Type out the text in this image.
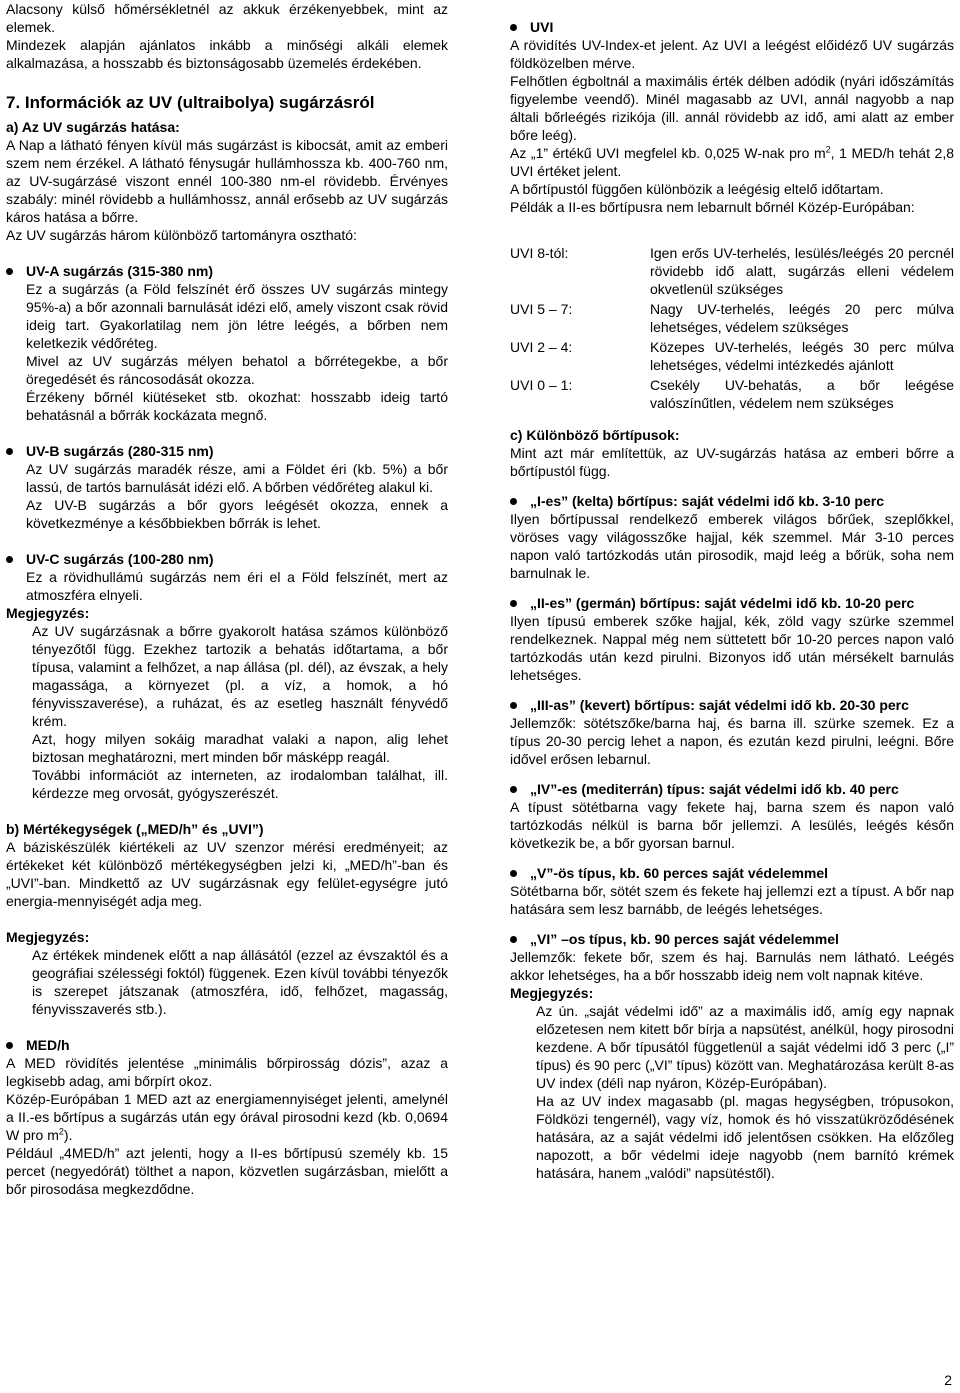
Alacsony külső hőmérsékletnél az akkuk érzékenyebbek, mint az elemek.

Mindezek alapján ajánlatos inkább a minőségi alkáli elemek alkalmazása, a hosszabb és biztonságosabb üzemelés érdekében.

7. Információk az UV (ultraibolya) sugárzásról

a) Az UV sugárzás hatása:

A Nap a látható fényen kívül más sugárzást is kibocsát, amit az emberi szem nem érzékel. A látható fénysugár hullámhossza kb. 400-760 nm, az UV-sugárzásé viszont ennél 100-380 nm-el rövidebb. Érvényes szabály: minél rövidebb a hullámhossz, annál erősebb az UV sugárzás káros hatása a bőrre.

Az UV sugárzás három különböző tartományra osztható:

UV-A sugárzás (315-380 nm)

Ez a sugárzás (a Föld felszínét érő összes UV sugárzás mintegy 95%-a) a bőr azonnali barnulását idézi elő, amely viszont csak rövid ideig tart. Gyakorlatilag nem jön létre leégés, a bőrben nem keletkezik védőréteg.

Mivel az UV sugárzás mélyen behatol a bőrrétegekbe, a bőr öregedését és ráncosodását okozza.

Érzékeny bőrnél kiütéseket stb. okozhat: hosszabb ideig tartó behatásnál a bőrrák kockázata megnő.

UV-B sugárzás (280-315 nm)

Az UV sugárzás maradék része, ami a Földet éri (kb. 5%) a bőr lassú, de tartós barnulását idézi elő. A bőrben védőréteg alakul ki.

Az UV-B sugárzás a bőr gyors leégését okozza, ennek a következménye a későbbiekben bőrrák is lehet.

UV-C sugárzás (100-280 nm)

Ez a rövidhullámú sugárzás nem éri el a Föld felszínét, mert az atmoszféra elnyeli.

Megjegyzés:

Az UV sugárzásnak a bőrre gyakorolt hatása számos különböző tényezőtől függ. Ezekhez tartozik a behatás időtartama, a bőr típusa, valamint a felhőzet, a nap állása (pl. dél), az évszak, a hely magassága, a környezet (pl. a víz, a homok, a hó fényvisszaverése), a ruházat, és az esetleg használt fényvédő krém.

Azt, hogy milyen sokáig maradhat valaki a napon, alig lehet biztosan meghatározni, mert minden bőr másképp reagál.

További információt az interneten, az irodalomban találhat, ill. kérdezze meg orvosát, gyógyszerészét.

b) Mértékegységek („MED/h” és „UVI”)

A báziskészülék kiértékeli az UV szenzor mérési eredményeit; az értékeket két különböző mértékegységben jelzi ki, „MED/h”-ban és „UVI”-ban. Mindkettő az UV sugárzásnak egy felület-egységre jutó energia-mennyiségét adja meg.

Megjegyzés:

Az értékek mindenek előtt a nap állásától (ezzel az évszaktól és a geográfiai szélességi foktól) függenek. Ezen kívül további tényezők is szerepet játszanak (atmoszféra, idő, felhőzet, magasság, fényvisszaverés stb.).

MED/h

A MED rövidítés jelentése „minimális bőrpirosság dózis”, azaz a legkisebb adag, ami bőrpírt okoz.

Közép-Európában 1 MED azt az energiamennyiséget jelenti, amelynél a II.-es bőrtípus a sugárzás után egy órával pirosodni kezd (kb. 0,0694 W pro $m^2$).

Például „4MED/h” azt jelenti, hogy a II-es bőrtípusú személy kb. 15 percet (negyedórát) tölthet a napon, közvetlen sugárzásban, mielőtt a bőr pirosodása megkezdődne.

UVI

A rövidítés UV-Index-et jelent. Az UVI a leégést előidéző UV sugárzás földközelben mérve.

Felhőtlen égboltnál a maximális érték délben adódik (nyári időszámítás figyelembe veendő). Minél magasabb az UVI, annál nagyobb a nap általi bőrleégés rizikója (ill. annál rövidebb az idő, ami alatt az ember bőre leég).

Az „1” értékű UVI megfelel kb. 0,025 W-nak pro $m^2$, 1 MED/h tehát 2,8 UVI értéket jelent.

A bőrtípustól függően különbözik a leégésig eltelő időtartam.

Példák a II-es bőrtípusra nem lebarnult bőrnél Közép-Európában:

UVI 8-tól:	Igen erős UV-terhelés, lesülés/leégés 20 percnél rövidebb idő alatt, sugárzás elleni védelem okvetlenül szükséges
UVI 5 – 7:	Nagy UV-terhelés, leégés 20 perc múlva lehetséges, védelem szükséges
UVI 2 – 4:	Közepes UV-terhelés, leégés 30 perc múlva lehetséges, védelmi intézkedés ajánlott
UVI 0 – 1:	Csekély UV-behatás, a bőr leégése valószínűtlen, védelem nem szükséges

c) Különböző bőrtípusok:

Mint azt már említettük, az UV-sugárzás hatása az emberi bőrre a bőrtípustól függ.

„I-es” (kelta) bőrtípus: saját védelmi idő kb. 3-10 perc

Ilyen bőrtípussal rendelkező emberek világos bőrűek, szeplőkkel, vöröses vagy világosszőke hajjal, kék szemmel. Már 3-10 perces napon való tartózkodás után pirosodik, majd leég a bőrük, soha nem barnulnak le.

„II-es” (germán) bőrtípus: saját védelmi idő kb. 10-20 perc

Ilyen típusú emberek szőke hajjal, kék, zöld vagy szürke szemmel rendelkeznek. Nappal még nem süttetett bőr 10-20 perces napon való tartózkodás után kezd pirulni. Bizonyos idő után mérsékelt barnulás lehetséges.

„III-as” (kevert) bőrtípus: saját védelmi idő kb. 20-30 perc

Jellemzők: sötétszőke/barna haj, és barna ill. szürke szemek. Ez a típus 20-30 percig lehet a napon, és ezután kezd pirulni, leégni. Bőre idővel erősen lebarnul.

„IV”-es (mediterrán) típus: saját védelmi idő kb. 40 perc

A típust sötétbarna vagy fekete haj, barna szem és napon való tartózkodás nélkül is barna bőr jellemzi. A lesülés, leégés későn következik be, a bőr gyorsan barnul.

„V”-ös típus, kb. 60 perces saját védelemmel

Sötétbarna bőr, sötét szem és fekete haj jellemzi ezt a típust. A bőr nap hatására sem lesz barnább, de leégés lehetséges.

„VI” –os típus, kb. 90 perces saját védelemmel

Jellemzők: fekete bőr, szem és haj. Barnulás nem látható. Leégés akkor lehetséges, ha a bőr hosszabb ideig nem volt napnak kitéve.

Megjegyzés:

Az ún. „saját védelmi idő” az a maximális idő, amíg egy napnak előzetesen nem kitett bőr bírja a napsütést, anélkül, hogy pirosodni kezdene. A bőr típusától függetlenül a saját védelmi idő 3 perc („I” típus) és 90 perc („VI” típus) között van. Meghatározása került 8-as UV index (délì nap nyáron, Közép-Európában).

Ha az UV index magasabb (pl. magas hegységben, trópusokon, Földközi tengernél), vagy víz, homok és hó visszatükröződésének hatására, az a saját védelmi idő jelentősen csökken. Ha előzőleg napozott, a bőr védelmi ideje nagyobb (nem barnító krémek hatására, hanem „valódi” napsütéstől).

2
